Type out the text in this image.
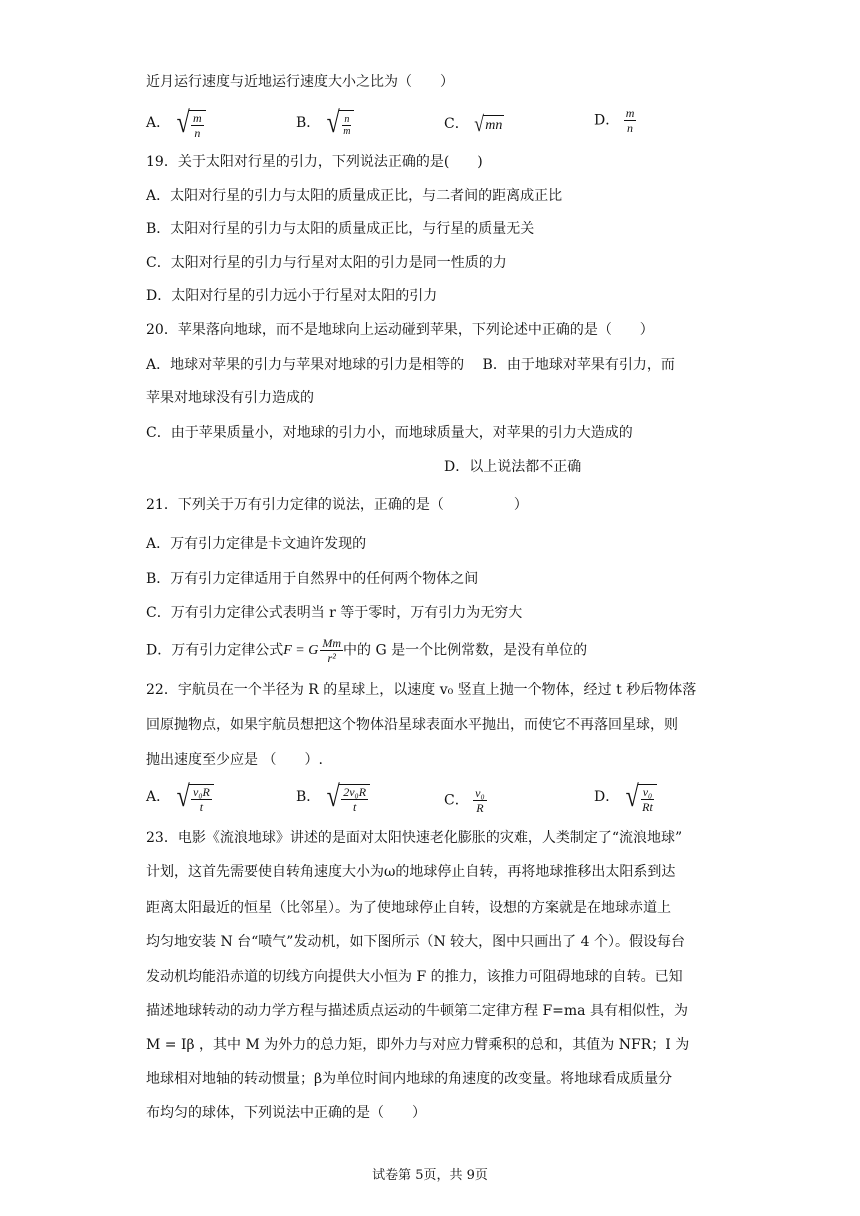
近月运行速度与近地运行速度大小之比为（　　）
A． √ $\frac{m}{n}$	B． √ $\frac{n}{m}$	C． √ mn	D． $\frac{m}{n}$
19．关于太阳对行星的引力，下列说法正确的是(　　)
A．太阳对行星的引力与太阳的质量成正比，与二者间的距离成正比
B．太阳对行星的引力与太阳的质量成正比，与行星的质量无关
C．太阳对行星的引力与行星对太阳的引力是同一性质的力
D．太阳对行星的引力远小于行星对太阳的引力
20．苹果落向地球，而不是地球向上运动碰到苹果，下列论述中正确的是（　　）
A．地球对苹果的引力与苹果对地球的引力是相等的　 B．由于地球对苹果有引力，而
苹果对地球没有引力造成的
C．由于苹果质量小，对地球的引力小，而地球质量大，对苹果的引力大造成的
D．以上说法都不正确
21．下列关于万有引力定律的说法，正确的是（　　　　　）
A．万有引力定律是卡文迪许发现的
B．万有引力定律适用于自然界中的任何两个物体之间
C．万有引力定律公式表明当 r 等于零时，万有引力为无穷大
D．万有引力定律公式 F = G $\frac{Mm}{\text{r²}}$ 中的 G 是一个比例常数，是没有单位的
22．宇航员在一个半径为 R 的星球上，以速度 v₀ 竖直上抛一个物体，经过 t 秒后物体落
回原抛物点，如果宇航员想把这个物体沿星球表面水平抛出，而使它不再落回星球，则
抛出速度至少应是 （　　）.
A． √ $\frac{\text{v₀R}}{t}$	B． √ $\frac{\text{2v₀R}}{t}$	C． $\frac{\text{v₀}}{R}$	D． √ $\frac{\text{v₀}}{Rt}$
23．电影《流浪地球》讲述的是面对太阳快速老化膨胀的灾难，人类制定了“流浪地球”
计划，这首先需要使自转角速度大小为ω的地球停止自转，再将地球推移出太阳系到达
距离太阳最近的恒星（比邻星）。为了使地球停止自转，设想的方案就是在地球赤道上
均匀地安装 N 台“喷气”发动机，如下图所示（N 较大，图中只画出了 4 个）。假设每台
发动机均能沿赤道的切线方向提供大小恒为 F 的推力，该推力可阻碍地球的自转。已知
描述地球转动的动力学方程与描述质点运动的牛顿第二定律方程 F=ma 具有相似性，为
M = Iβ ，其中 M 为外力的总力矩，即外力与对应力臂乘积的总和，其值为 NFR；I 为
地球相对地轴的转动惯量；β为单位时间内地球的角速度的改变量。将地球看成质量分
布均匀的球体，下列说法中正确的是（　　）
试卷第 5页，共 9页
